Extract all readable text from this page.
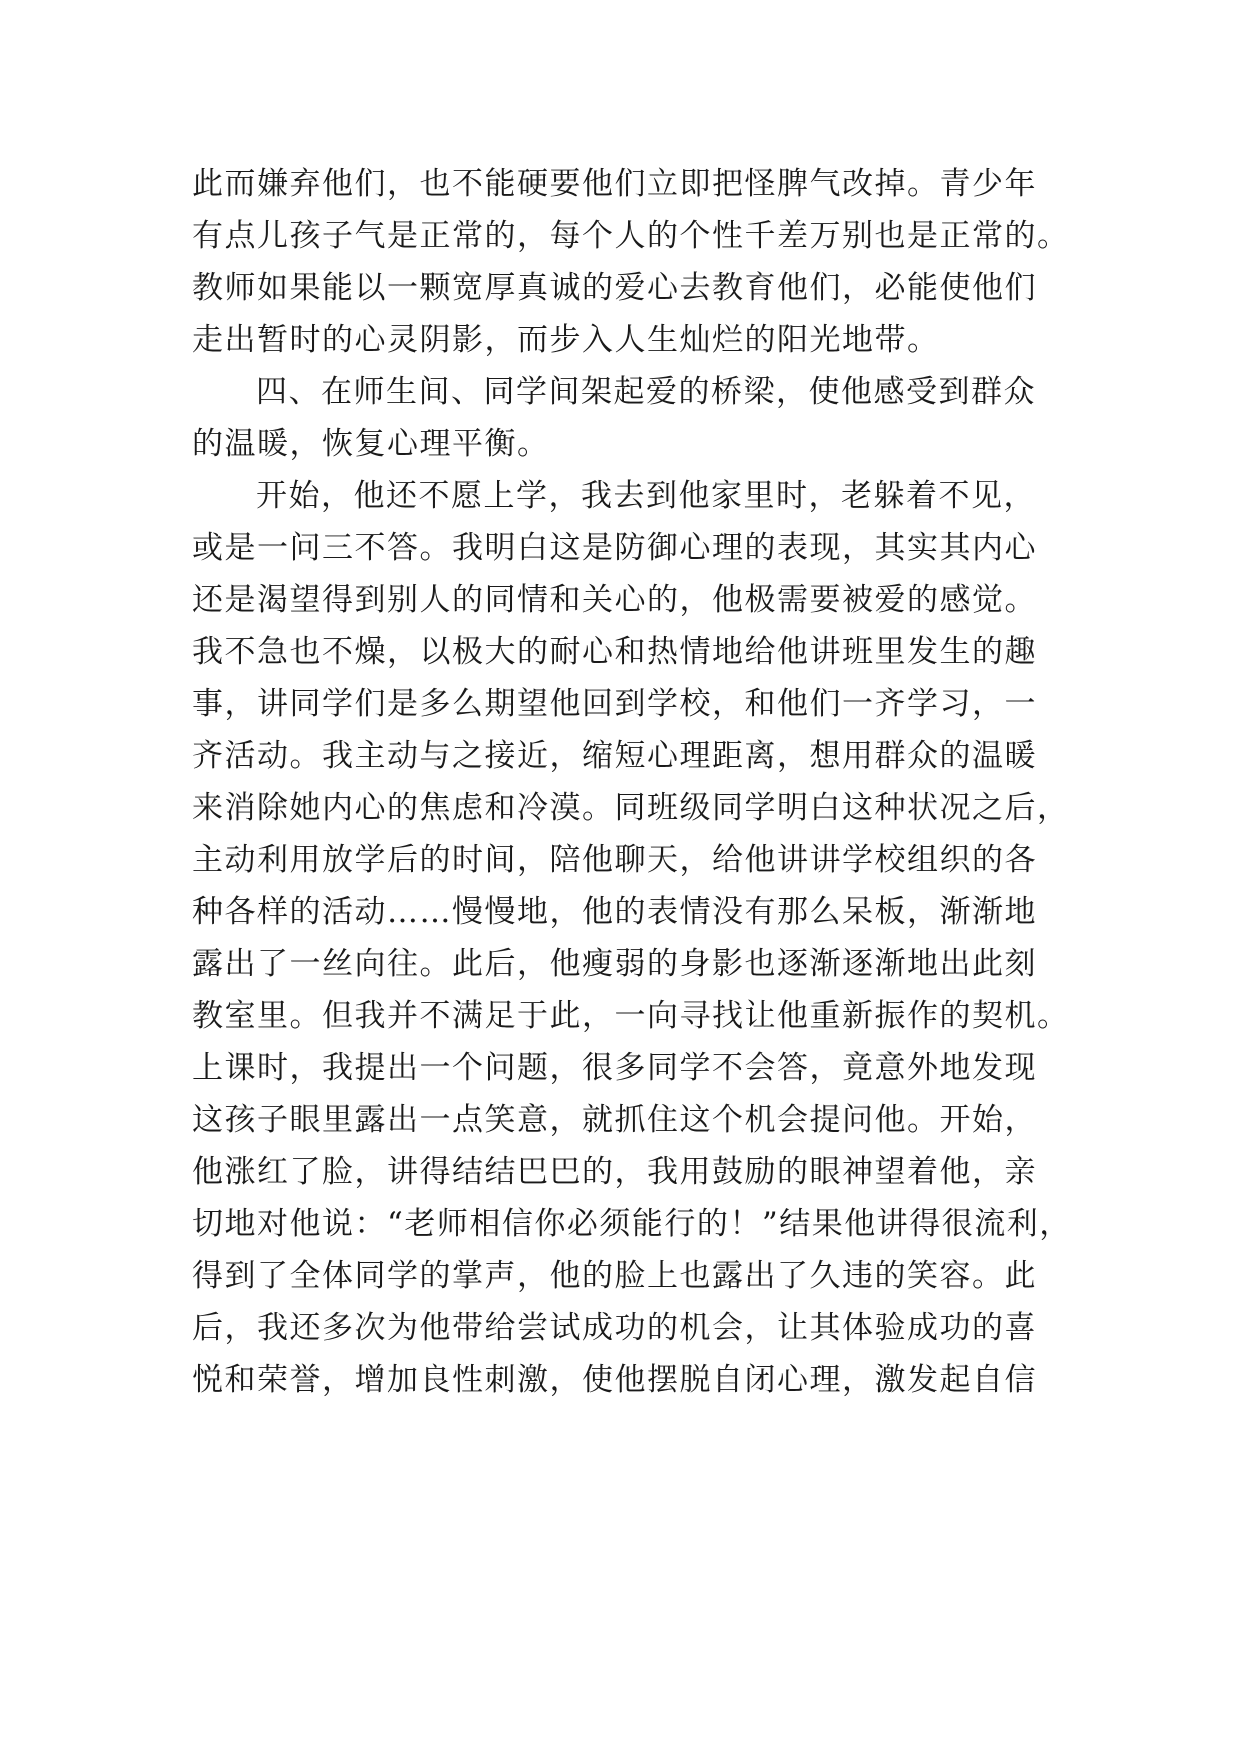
此而嫌弃他们，也不能硬要他们立即把怪脾气改掉。青少年
有点儿孩子气是正常的，每个人的个性千差万别也是正常的。
教师如果能以一颗宽厚真诚的爱心去教育他们，必能使他们
走出暂时的心灵阴影，而步入人生灿烂的阳光地带。
四、在师生间、同学间架起爱的桥梁，使他感受到群众
的温暖，恢复心理平衡。
开始，他还不愿上学，我去到他家里时，老躲着不见，
或是一问三不答。我明白这是防御心理的表现，其实其内心
还是渴望得到别人的同情和关心的，他极需要被爱的感觉。
我不急也不燥，以极大的耐心和热情地给他讲班里发生的趣
事，讲同学们是多么期望他回到学校，和他们一齐学习，一
齐活动。我主动与之接近，缩短心理距离，想用群众的温暖
来消除她内心的焦虑和冷漠。同班级同学明白这种状况之后，
主动利用放学后的时间，陪他聊天，给他讲讲学校组织的各
种各样的活动……慢慢地，他的表情没有那么呆板，渐渐地
露出了一丝向往。此后，他瘦弱的身影也逐渐逐渐地出此刻
教室里。但我并不满足于此，一向寻找让他重新振作的契机。
上课时，我提出一个问题，很多同学不会答，竟意外地发现
这孩子眼里露出一点笑意，就抓住这个机会提问他。开始，
他涨红了脸，讲得结结巴巴的，我用鼓励的眼神望着他，亲
切地对他说：“老师相信你必须能行的！”结果他讲得很流利，
得到了全体同学的掌声，他的脸上也露出了久违的笑容。此
后，我还多次为他带给尝试成功的机会，让其体验成功的喜
悦和荣誉，增加良性刺激，使他摆脱自闭心理，激发起自信
